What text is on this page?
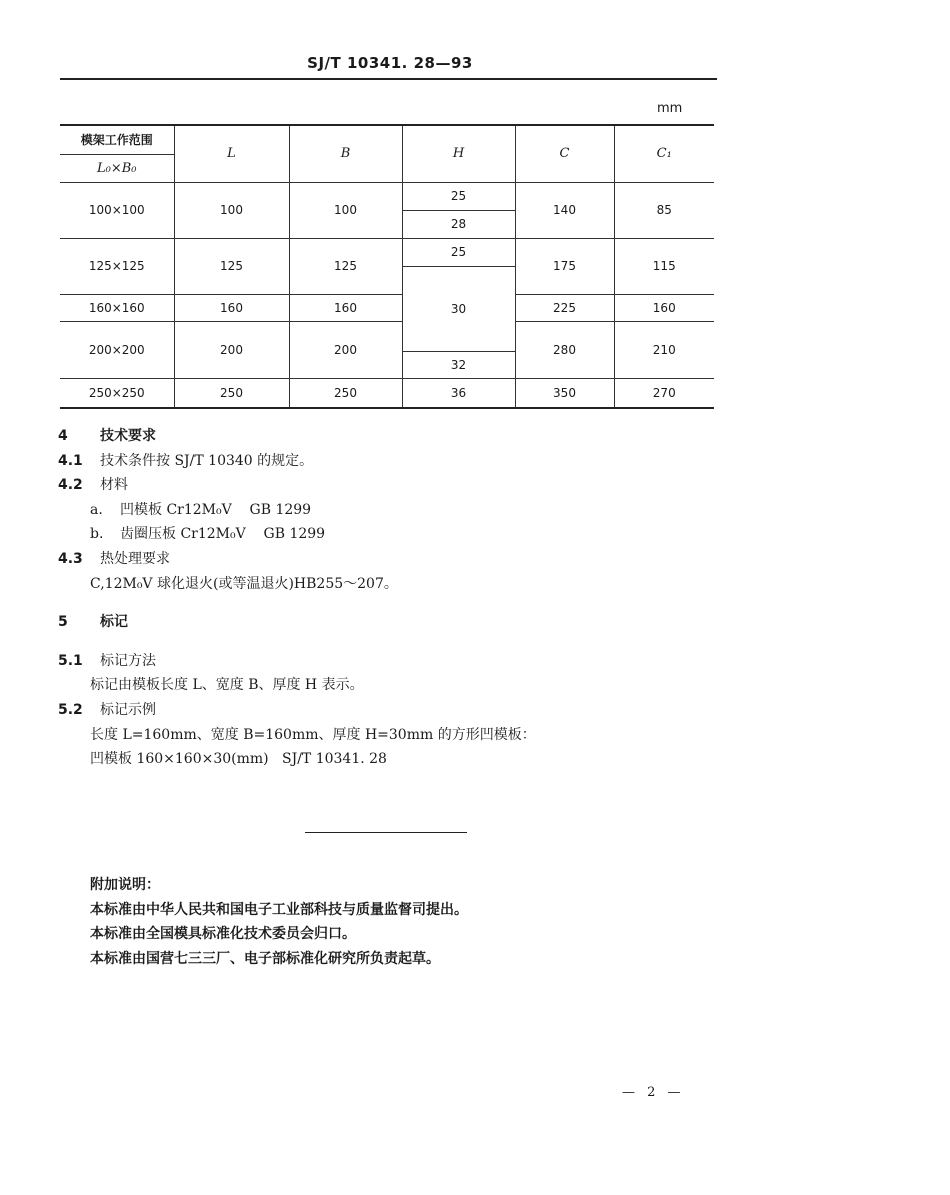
SJ/T 10341. 28—93
mm
模架工作范围	L	B	H	C	C₁
L₀×B₀					
100×100	100	100	25	140	85
			28		
125×125	125	125	25	175	115
			30		
160×160	160	160		225	160
200×200	200	200		280	210

			32		
250×250	250	250	36	350	270
4 技术要求
4.1 技术条件按 SJ/T 10340 的规定。
4.2 材料
a. 凹模板 Cr12M₀V    GB 1299
b. 齿圈压板 Cr12M₀V    GB 1299
4.3 热处理要求
C,12M₀V 球化退火(或等温退火)HB255～207。
5 标记
5.1 标记方法
标记由模板长度 L、宽度 B、厚度 H 表示。
5.2 标记示例
长度 L=160mm、宽度 B=160mm、厚度 H=30mm 的方形凹模板：
凹模板 160×160×30(mm)   SJ/T 10341. 28
附加说明：
本标准由中华人民共和国电子工业部科技与质量监督司提出。
本标准由全国模具标准化技术委员会归口。
本标准由国营七三三厂、电子部标准化研究所负责起草。
— 2 —
